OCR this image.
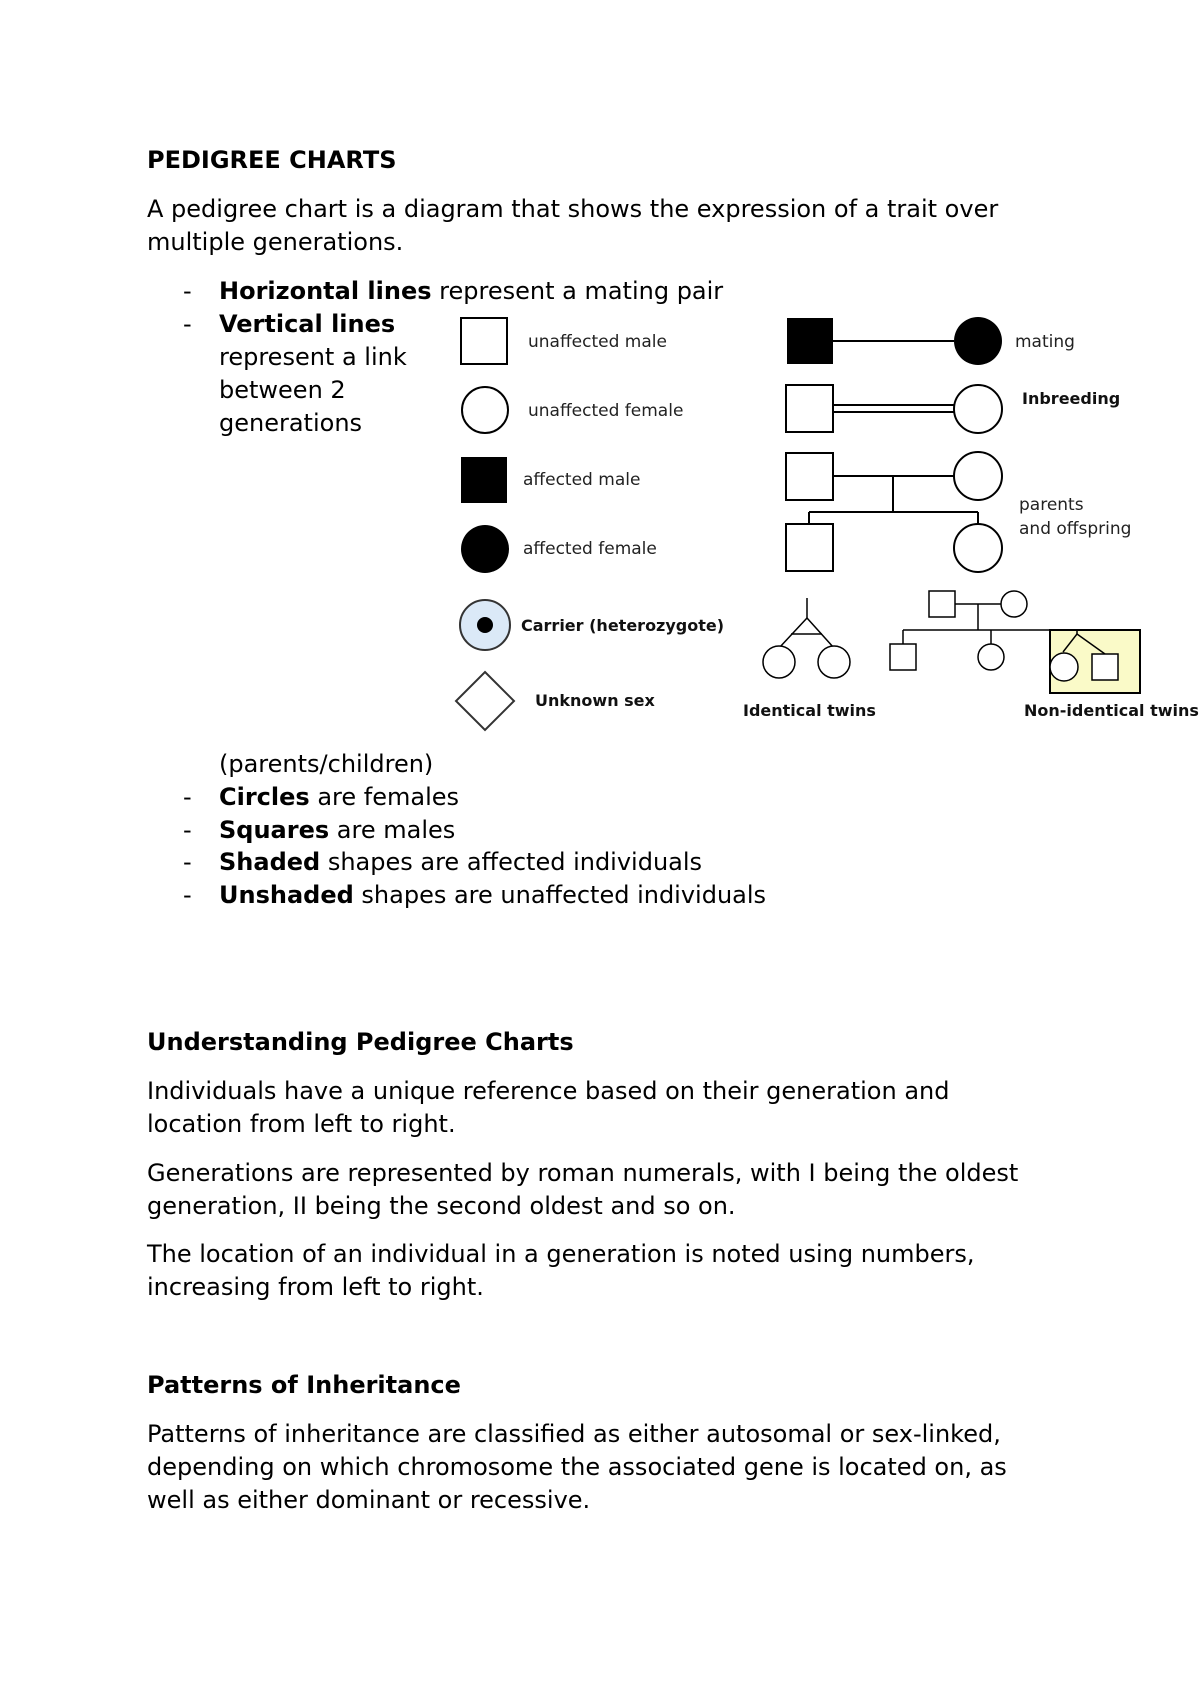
PEDIGREE CHARTS

A pedigree chart is a diagram that shows the expression of a trait over multiple generations.

- Horizontal lines represent a mating pair

- Vertical lines
represent a link between 2 generations

unaffected male
unaffected female
affected male
affected female
Carrier (heterozygote)
Unknown sex
mating
Inbreeding
parents
and offspring
Identical twins	Non-identical twins

(parents/children)

- Circles are females

- Squares are males

- Shaded shapes are affected individuals

- Unshaded shapes are unaffected individuals

Understanding Pedigree Charts

Individuals have a unique reference based on their generation and location from left to right.

Generations are represented by roman numerals, with I being the oldest generation, II being the second oldest and so on.

The location of an individual in a generation is noted using numbers, increasing from left to right.

Patterns of Inheritance

Patterns of inheritance are classified as either autosomal or sex-linked, depending on which chromosome the associated gene is located on, as well as either dominant or recessive.
